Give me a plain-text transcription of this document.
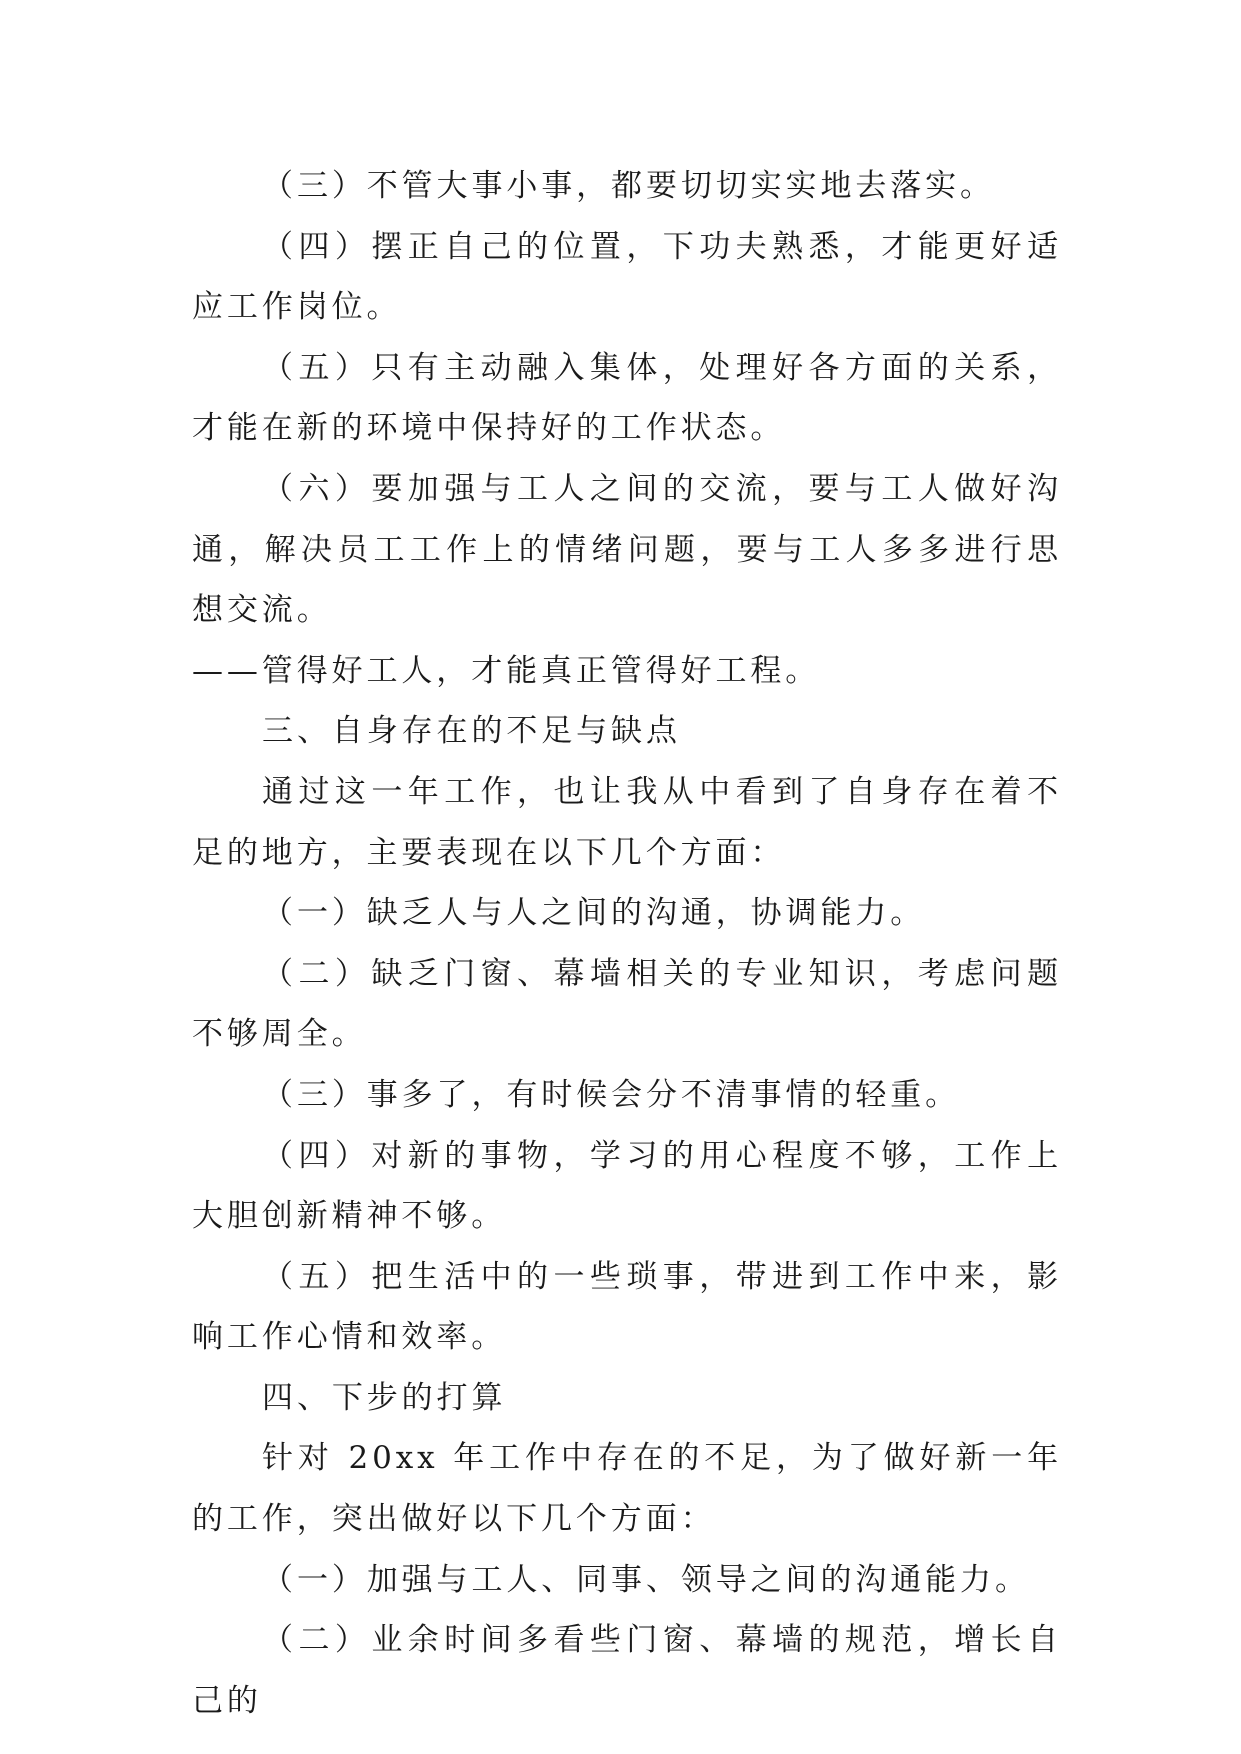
（三）不管大事小事，都要切切实实地去落实。

（四）摆正自己的位置，下功夫熟悉，才能更好适应工作岗位。

（五）只有主动融入集体，处理好各方面的关系，才能在新的环境中保持好的工作状态。

（六）要加强与工人之间的交流，要与工人做好沟通，解决员工工作上的情绪问题，要与工人多多进行思想交流。

——管得好工人，才能真正管得好工程。

三、自身存在的不足与缺点

通过这一年工作，也让我从中看到了自身存在着不足的地方，主要表现在以下几个方面：

（一）缺乏人与人之间的沟通，协调能力。

（二）缺乏门窗、幕墙相关的专业知识，考虑问题不够周全。

（三）事多了，有时候会分不清事情的轻重。

（四）对新的事物，学习的用心程度不够，工作上大胆创新精神不够。

（五）把生活中的一些琐事，带进到工作中来，影响工作心情和效率。

四、下步的打算

针对 20xx 年工作中存在的不足，为了做好新一年的工作，突出做好以下几个方面：

（一）加强与工人、同事、领导之间的沟通能力。

（二）业余时间多看些门窗、幕墙的规范，增长自己的
